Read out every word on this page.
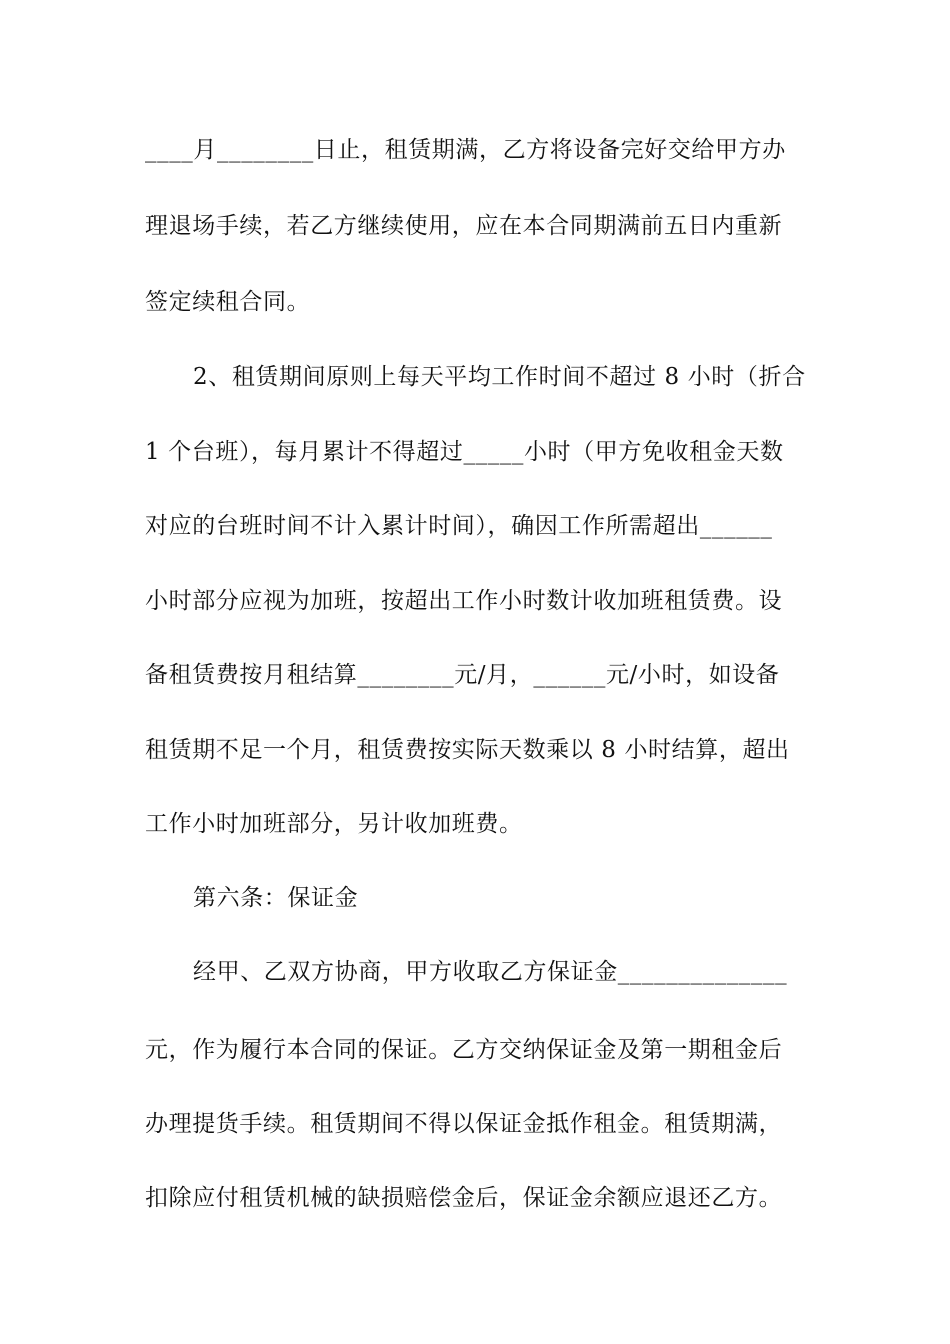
____月________日止，租赁期满，乙方将设备完好交给甲方办
理退场手续，若乙方继续使用，应在本合同期满前五日内重新
签定续租合同。
2、租赁期间原则上每天平均工作时间不超过 8 小时（折合
1 个台班），每月累计不得超过_____小时（甲方免收租金天数
对应的台班时间不计入累计时间），确因工作所需超出______
小时部分应视为加班，按超出工作小时数计收加班租赁费。设
备租赁费按月租结算________元/月，______元/小时，如设备
租赁期不足一个月，租赁费按实际天数乘以 8 小时结算，超出
工作小时加班部分，另计收加班费。
第六条：保证金
经甲、乙双方协商，甲方收取乙方保证金______________
元，作为履行本合同的保证。乙方交纳保证金及第一期租金后
办理提货手续。租赁期间不得以保证金抵作租金。租赁期满，
扣除应付租赁机械的缺损赔偿金后，保证金余额应退还乙方。
